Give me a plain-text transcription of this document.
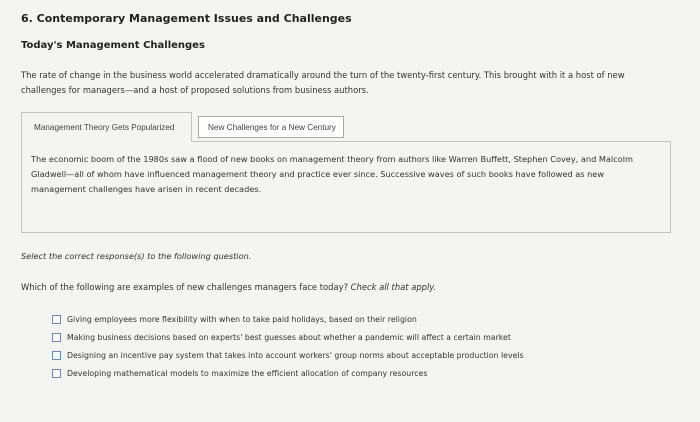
6. Contemporary Management Issues and Challenges
Today's Management Challenges
The rate of change in the business world accelerated dramatically around the turn of the twenty-first century. This brought with it a host of new challenges for managers—and a host of proposed solutions from business authors.
Management Theory Gets Popularized	New Challenges for a New Century
The economic boom of the 1980s saw a flood of new books on management theory from authors like Warren Buffett, Stephen Covey, and Malcolm Gladwell—all of whom have influenced management theory and practice ever since. Successive waves of such books have followed as new management challenges have arisen in recent decades.
Select the correct response(s) to the following question.
Which of the following are examples of new challenges managers face today? Check all that apply.
Giving employees more flexibility with when to take paid holidays, based on their religion
Making business decisions based on experts' best guesses about whether a pandemic will affect a certain market
Designing an incentive pay system that takes into account workers' group norms about acceptable production levels
Developing mathematical models to maximize the efficient allocation of company resources
